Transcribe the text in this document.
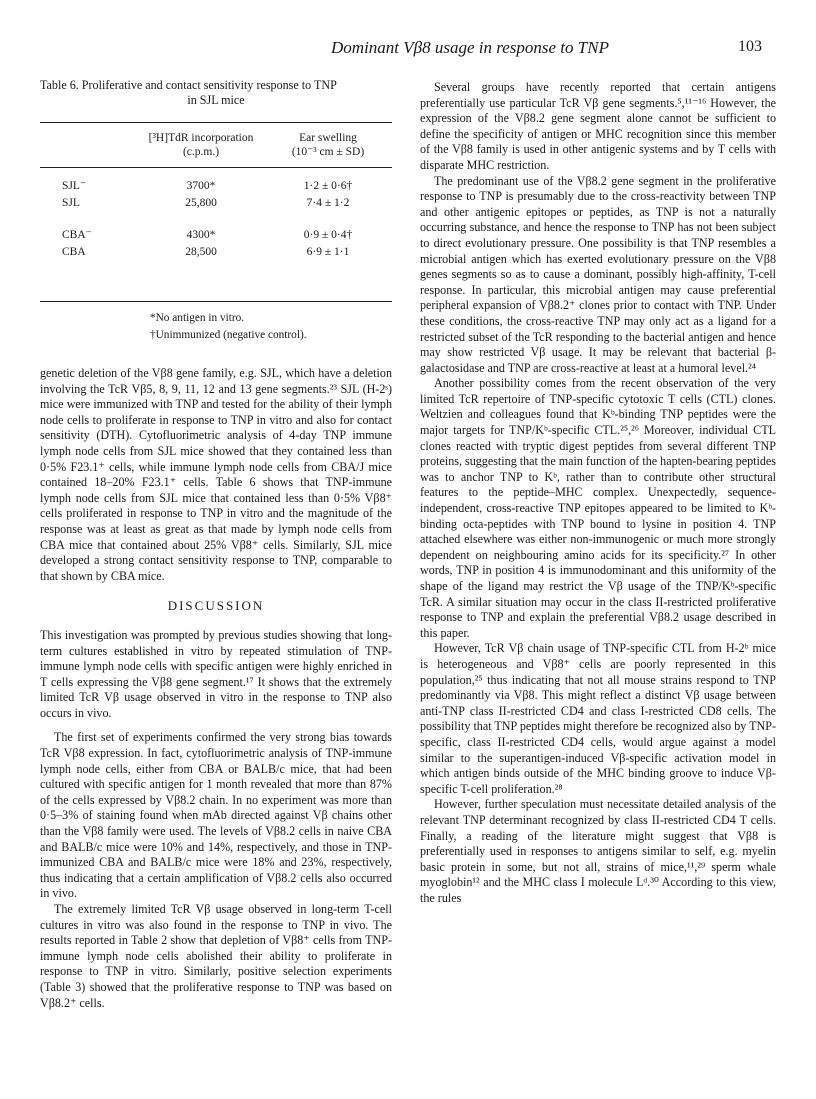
Dominant Vβ8 usage in response to TNP	103
Table 6. Proliferative and contact sensitivity response to TNP
in SJL mice
[³H]TdR incorporation
(c.p.m.)
Ear swelling
(10⁻³ cm ± SD)
SJL⁻	3700*	1·2 ± 0·6†
SJL	25,800	7·4 ± 1·2
CBA⁻	4300*	0·9 ± 0·4†
CBA	28,500	6·9 ± 1·1
*No antigen in vitro.
†Unimmunized (negative control).

genetic deletion of the Vβ8 gene family, e.g. SJL, which have a deletion involving the TcR Vβ5, 8, 9, 11, 12 and 13 gene segments.²³ SJL (H-2ˢ) mice were immunized with TNP and tested for the ability of their lymph node cells to proliferate in response to TNP in vitro and also for contact sensitivity (DTH). Cytofluorimetric analysis of 4-day TNP immune lymph node cells from SJL mice showed that they contained less than 0·5% F23.1⁺ cells, while immune lymph node cells from CBA/J mice contained 18–20% F23.1⁺ cells. Table 6 shows that TNP-immune lymph node cells from SJL mice that contained less than 0·5% Vβ8⁺ cells proliferated in response to TNP in vitro and the magnitude of the response was at least as great as that made by lymph node cells from CBA mice that contained about 25% Vβ8⁺ cells. Similarly, SJL mice developed a strong contact sensitivity response to TNP, comparable to that shown by CBA mice.

DISCUSSION

This investigation was prompted by previous studies showing that long-term cultures established in vitro by repeated stimulation of TNP-immune lymph node cells with specific antigen were highly enriched in T cells expressing the Vβ8 gene segment.¹⁷ It shows that the extremely limited TcR Vβ usage observed in vitro in the response to TNP also occurs in vivo.

The first set of experiments confirmed the very strong bias towards TcR Vβ8 expression. In fact, cytofluorimetric analysis of TNP-immune lymph node cells, either from CBA or BALB/c mice, that had been cultured with specific antigen for 1 month revealed that more than 87% of the cells expressed by Vβ8.2 chain. In no experiment was more than 0·5–3% of staining found when mAb directed against Vβ chains other than the Vβ8 family were used. The levels of Vβ8.2 cells in naive CBA and BALB/c mice were 10% and 14%, respectively, and those in TNP-immunized CBA and BALB/c mice were 18% and 23%, respectively, thus indicating that a certain amplification of Vβ8.2 cells also occurred in vivo.

The extremely limited TcR Vβ usage observed in long-term T-cell cultures in vitro was also found in the response to TNP in vivo. The results reported in Table 2 show that depletion of Vβ8⁺ cells from TNP-immune lymph node cells abolished their ability to proliferate in response to TNP in vitro. Similarly, positive selection experiments (Table 3) showed that the proliferative response to TNP was based on Vβ8.2⁺ cells.

Several groups have recently reported that certain antigens preferentially use particular TcR Vβ gene segments.⁵,¹¹⁻¹⁶ However, the expression of the Vβ8.2 gene segment alone cannot be sufficient to define the specificity of antigen or MHC recognition since this member of the Vβ8 family is used in other antigenic systems and by T cells with disparate MHC restriction.

The predominant use of the Vβ8.2 gene segment in the proliferative response to TNP is presumably due to the cross-reactivity between TNP and other antigenic epitopes or peptides, as TNP is not a naturally occurring substance, and hence the response to TNP has not been subject to direct evolutionary pressure. One possibility is that TNP resembles a microbial antigen which has exerted evolutionary pressure on the Vβ8 genes segments so as to cause a dominant, possibly high-affinity, T-cell response. In particular, this microbial antigen may cause preferential peripheral expansion of Vβ8.2⁺ clones prior to contact with TNP. Under these conditions, the cross-reactive TNP may only act as a ligand for a restricted subset of the TcR responding to the bacterial antigen and hence may show restricted Vβ usage. It may be relevant that bacterial β-galactosidase and TNP are cross-reactive at least at a humoral level.²⁴

Another possibility comes from the recent observation of the very limited TcR repertoire of TNP-specific cytotoxic T cells (CTL) clones. Weltzien and colleagues found that Kᵇ-binding TNP peptides were the major targets for TNP/Kᵇ-specific CTL.²⁵,²⁶ Moreover, individual CTL clones reacted with tryptic digest peptides from several different TNP proteins, suggesting that the main function of the hapten-bearing peptides was to anchor TNP to Kᵇ, rather than to contribute other structural features to the peptide–MHC complex. Unexpectedly, sequence-independent, cross-reactive TNP epitopes appeared to be limited to Kᵇ-binding octa-peptides with TNP bound to lysine in position 4. TNP attached elsewhere was either non-immunogenic or much more strongly dependent on neighbouring amino acids for its specificity.²⁷ In other words, TNP in position 4 is immunodominant and this uniformity of the shape of the ligand may restrict the Vβ usage of the TNP/Kᵇ-specific TcR. A similar situation may occur in the class II-restricted proliferative response to TNP and explain the preferential Vβ8.2 usage described in this paper.

However, TcR Vβ chain usage of TNP-specific CTL from H-2ᵇ mice is heterogeneous and Vβ8⁺ cells are poorly represented in this population,²⁵ thus indicating that not all mouse strains respond to TNP predominantly via Vβ8. This might reflect a distinct Vβ usage between anti-TNP class II-restricted CD4 and class I-restricted CD8 cells. The possibility that TNP peptides might therefore be recognized also by TNP-specific, class II-restricted CD4 cells, would argue against a model similar to the superantigen-induced Vβ-specific activation model in which antigen binds outside of the MHC binding groove to induce Vβ-specific T-cell proliferation.²⁸

However, further speculation must necessitate detailed analysis of the relevant TNP determinant recognized by class II-restricted CD4 T cells. Finally, a reading of the literature might suggest that Vβ8 is preferentially used in responses to antigens similar to self, e.g. myelin basic protein in some, but not all, strains of mice,¹¹,²⁹ sperm whale myoglobin¹² and the MHC class I molecule Lᵈ.³⁰ According to this view, the rules
